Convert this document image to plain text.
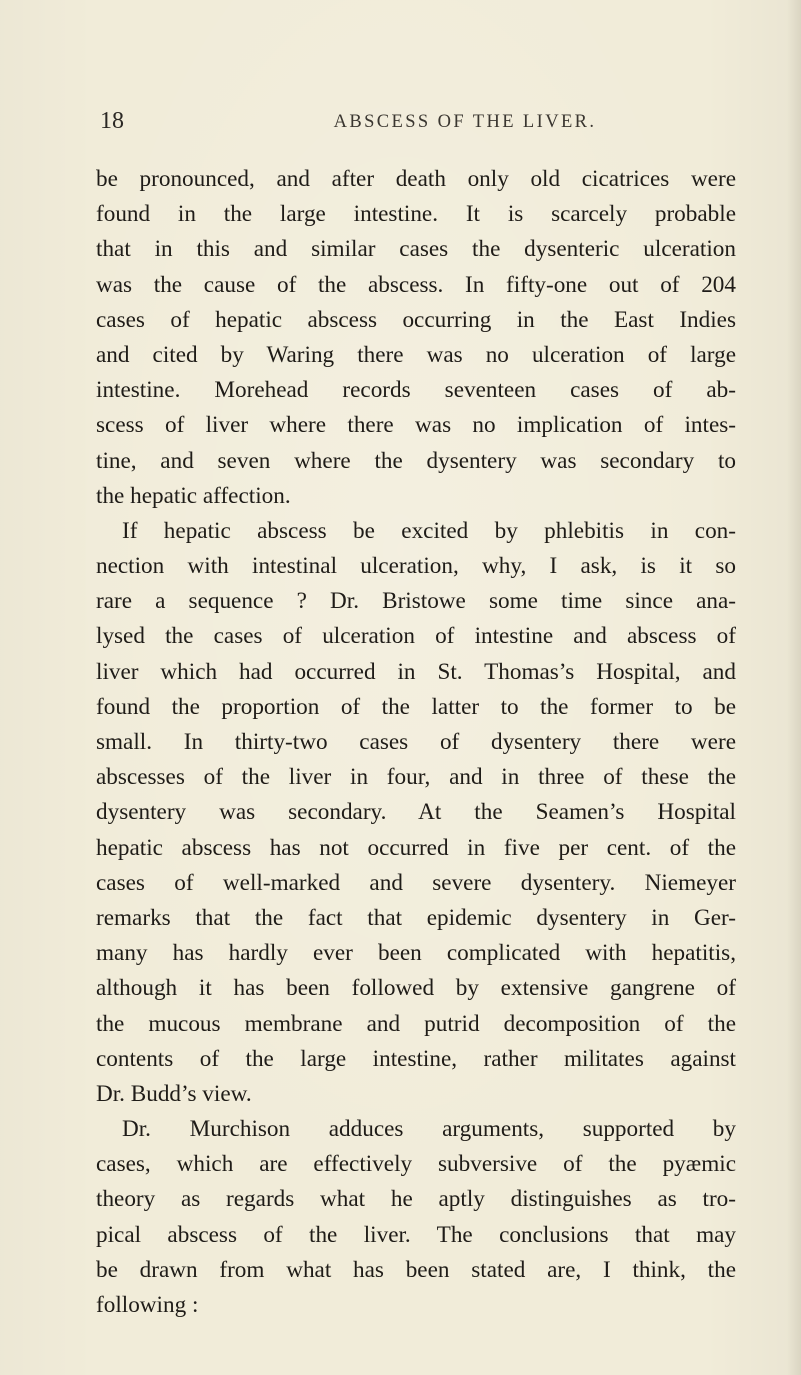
18	ABSCESS OF THE LIVER.
be pronounced, and after death only old cicatrices were
found in the large intestine. It is scarcely probable
that in this and similar cases the dysenteric ulceration
was the cause of the abscess. In fifty-one out of 204
cases of hepatic abscess occurring in the East Indies
and cited by Waring there was no ulceration of large
intestine. Morehead records seventeen cases of ab-
scess of liver where there was no implication of intes-
tine, and seven where the dysentery was secondary to
the hepatic affection.
If hepatic abscess be excited by phlebitis in con-
nection with intestinal ulceration, why, I ask, is it so
rare a sequence ? Dr. Bristowe some time since ana-
lysed the cases of ulceration of intestine and abscess of
liver which had occurred in St. Thomas’s Hospital, and
found the proportion of the latter to the former to be
small. In thirty-two cases of dysentery there were
abscesses of the liver in four, and in three of these the
dysentery was secondary. At the Seamen’s Hospital
hepatic abscess has not occurred in five per cent. of the
cases of well-marked and severe dysentery. Niemeyer
remarks that the fact that epidemic dysentery in Ger-
many has hardly ever been complicated with hepatitis,
although it has been followed by extensive gangrene of
the mucous membrane and putrid decomposition of the
contents of the large intestine, rather militates against
Dr. Budd’s view.
Dr. Murchison adduces arguments, supported by
cases, which are effectively subversive of the pyæmic
theory as regards what he aptly distinguishes as tro-
pical abscess of the liver. The conclusions that may
be drawn from what has been stated are, I think, the
following :
